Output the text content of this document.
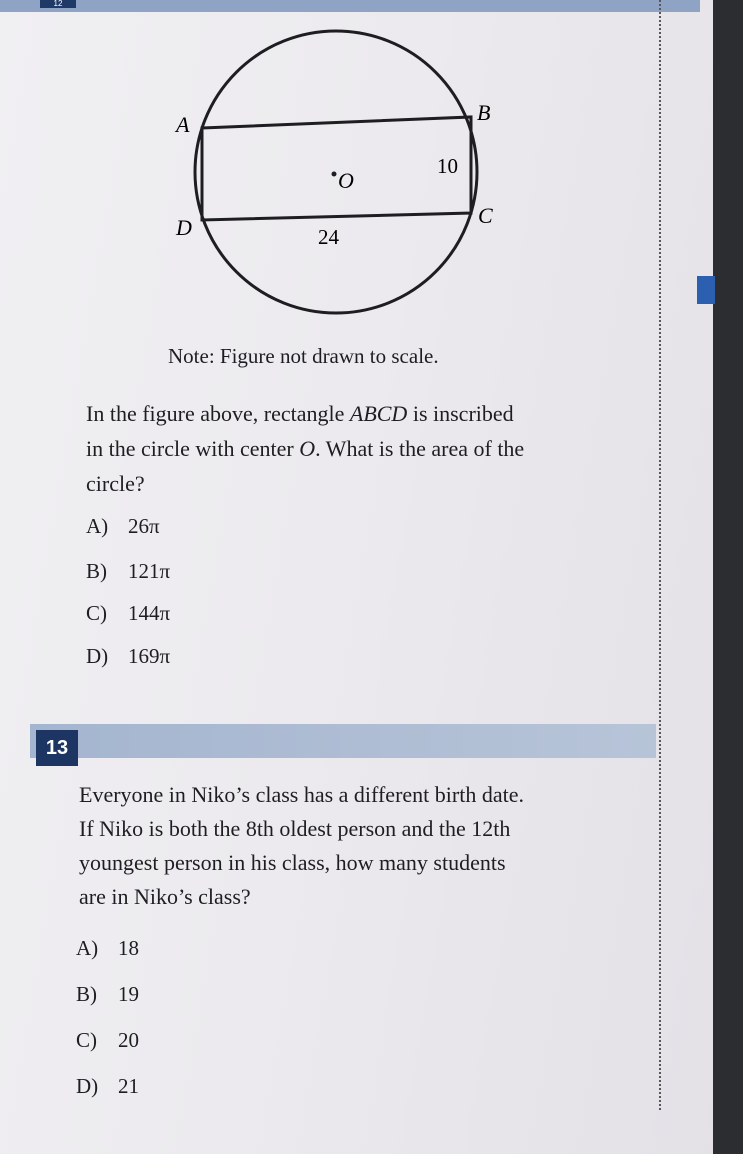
12
A	B
C
D
O
10
24
Note: Figure not drawn to scale.
In the figure above, rectangle ABCD is inscribed
in the circle with center O. What is the area of the
circle?
A) 26π
B)	121π
C)	144π
D) 169π
13
Everyone in Niko’s class has a different birth date.
If Niko is both the 8th oldest person and the 12th
youngest person in his class, how many students
are in Niko’s class?
A) 18
B)	19
C)	20
D) 21
